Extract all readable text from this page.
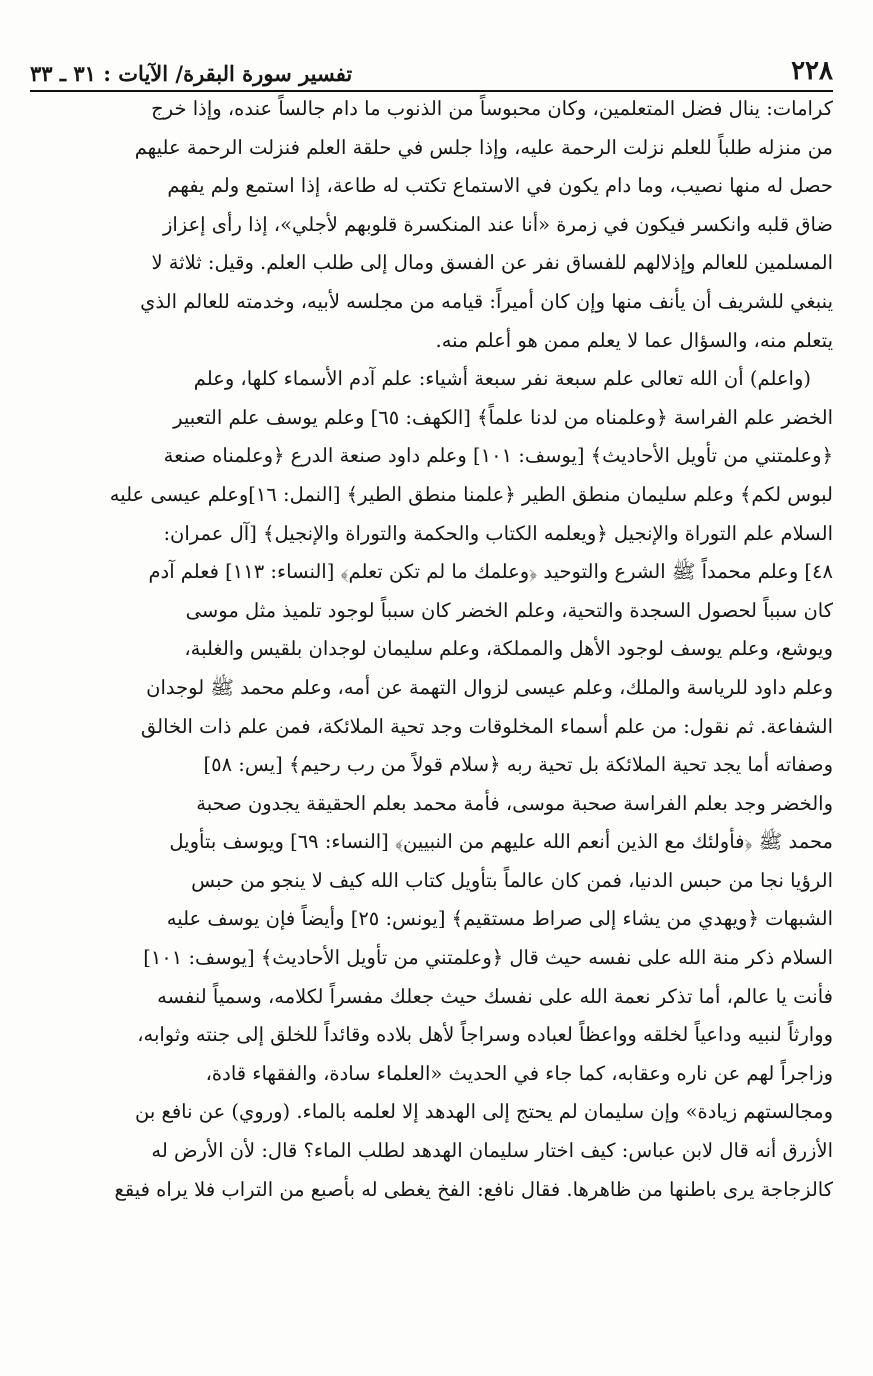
٢٢٨
تفسير سورة البقرة/ الآيات : ٣١ ـ ٣٣
كرامات: ينال فضل المتعلمين، وكان محبوساً من الذنوب ما دام جالساً عنده، وإذا خرج
من منزله طلباً للعلم نزلت الرحمة عليه، وإذا جلس في حلقة العلم فنزلت الرحمة عليهم
حصل له منها نصيب، وما دام يكون في الاستماع تكتب له طاعة، إذا استمع ولم يفهم
ضاق قلبه وانكسر فيكون في زمرة «أنا عند المنكسرة قلوبهم لأجلي»، إذا رأى إعزاز
المسلمين للعالم وإذلالهم للفساق نفر عن الفسق ومال إلى طلب العلم. وقيل: ثلاثة لا
ينبغي للشريف أن يأنف منها وإن كان أميراً: قيامه من مجلسه لأبيه، وخدمته للعالم الذي
يتعلم منه، والسؤال عما لا يعلم ممن هو أعلم منه.
(واعلم) أن الله تعالى علم سبعة نفر سبعة أشياء: علم آدم الأسماء كلها، وعلم
الخضر علم الفراسة ﴿وعلمناه من لدنا علماً﴾ [الكهف: ٦٥] وعلم يوسف علم التعبير
﴿وعلمتني من تأويل الأحاديث﴾ [يوسف: ١٠١] وعلم داود صنعة الدرع ﴿وعلمناه صنعة
لبوس لكم﴾ وعلم سليمان منطق الطير ﴿علمنا منطق الطير﴾ [النمل: ١٦]وعلم عيسى عليه
السلام علم التوراة والإنجيل ﴿ويعلمه الكتاب والحكمة والتوراة والإنجيل﴾ [آل عمران:
٤٨] وعلم محمداً ﷺ الشرع والتوحيد ﴿وعلمك ما لم تكن تعلم﴾ [النساء: ١١٣] فعلم آدم
كان سبباً لحصول السجدة والتحية، وعلم الخضر كان سبباً لوجود تلميذ مثل موسى
ويوشع، وعلم يوسف لوجود الأهل والمملكة، وعلم سليمان لوجدان بلقيس والغلبة،
وعلم داود للرياسة والملك، وعلم عيسى لزوال التهمة عن أمه، وعلم محمد ﷺ لوجدان
الشفاعة. ثم نقول: من علم أسماء المخلوقات وجد تحية الملائكة، فمن علم ذات الخالق
وصفاته أما يجد تحية الملائكة بل تحية ربه ﴿سلام قولاً من رب رحيم﴾ [يس: ٥٨]
والخضر وجد بعلم الفراسة صحبة موسى، فأمة محمد بعلم الحقيقة يجدون صحبة
محمد ﷺ ﴿فأولئك مع الذين أنعم الله عليهم من النبيين﴾ [النساء: ٦٩] ويوسف بتأويل
الرؤيا نجا من حبس الدنيا، فمن كان عالماً بتأويل كتاب الله كيف لا ينجو من حبس
الشبهات ﴿ويهدي من يشاء إلى صراط مستقيم﴾ [يونس: ٢٥] وأيضاً فإن يوسف عليه
السلام ذكر منة الله على نفسه حيث قال ﴿وعلمتني من تأويل الأحاديث﴾ [يوسف: ١٠١]
فأنت يا عالم، أما تذكر نعمة الله على نفسك حيث جعلك مفسراً لكلامه، وسمياً لنفسه
ووارثاً لنبيه وداعياً لخلقه وواعظاً لعباده وسراجاً لأهل بلاده وقائداً للخلق إلى جنته وثوابه،
وزاجراً لهم عن ناره وعقابه، كما جاء في الحديث «العلماء سادة، والفقهاء قادة،
ومجالستهم زيادة» وإن سليمان لم يحتج إلى الهدهد إلا لعلمه بالماء. (وروي) عن نافع بن
الأزرق أنه قال لابن عباس: كيف اختار سليمان الهدهد لطلب الماء؟ قال: لأن الأرض له
كالزجاجة يرى باطنها من ظاهرها. فقال نافع: الفخ يغطى له بأصبع من التراب فلا يراه فيقع
